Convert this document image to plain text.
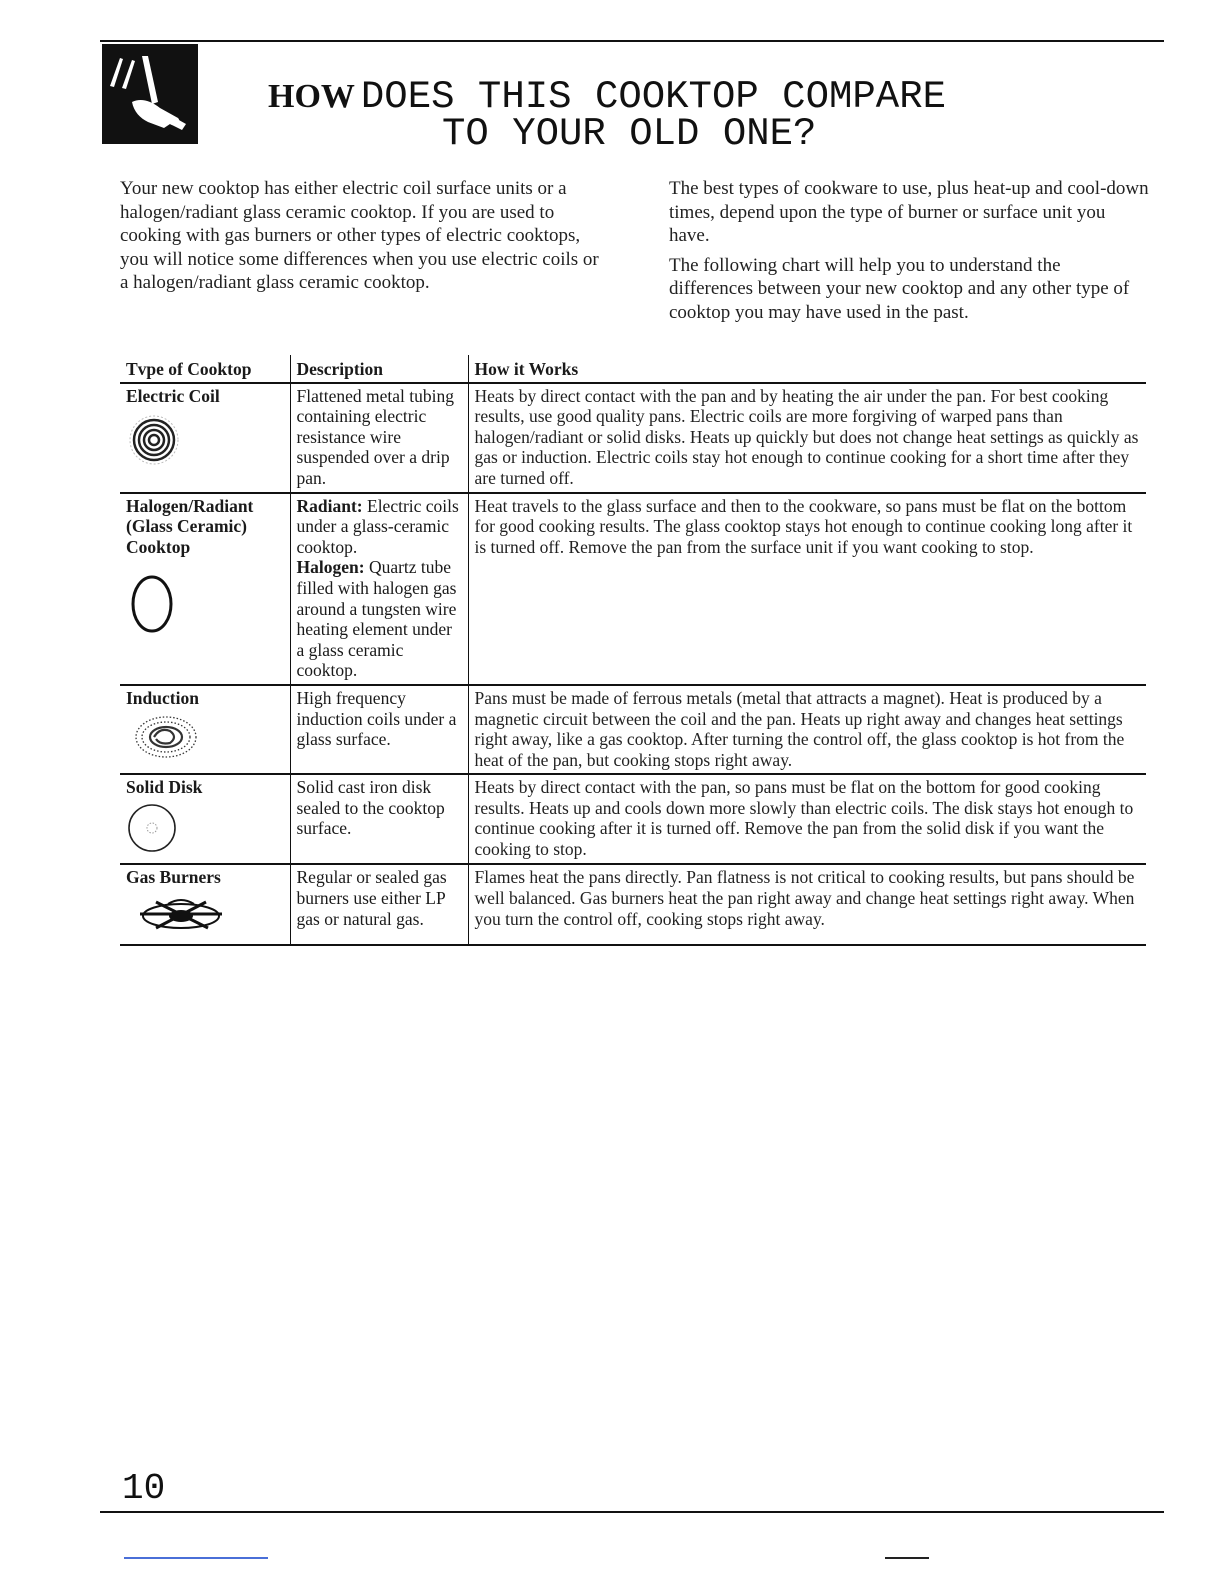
HOW DOES THIS COOKTOP COMPARE
TO YOUR OLD ONE?
Your new cooktop has either electric coil surface units or a halogen/radiant glass ceramic cooktop. If you are used to cooking with gas burners or other types of electric cooktops, you will notice some differences when you use electric coils or a halogen/radiant glass ceramic cooktop.

The best types of cookware to use, plus heat-up and cool-down times, depend upon the type of burner or surface unit you have.

The following chart will help you to understand the differences between your new cooktop and any other type of cooktop you may have used in the past.

Tvpe of Cooktop	Description	How it Works

Electric Coil	Flattened metal tubing containing electric resistance wire suspended over a drip pan.	Heats by direct contact with the pan and by heating the air under the pan. For best cooking results, use good quality pans. Electric coils are more forgiving of warped pans than halogen/radiant or solid disks. Heats up quickly but does not change heat settings as quickly as gas or induction. Electric coils stay hot enough to continue cooking for a short time after they are turned off.

Halogen/Radiant (Glass Ceramic) Cooktop	Radiant: Electric coils under a glass-ceramic cooktop.
Halogen: Quartz tube filled with halogen gas around a tungsten wire heating element under a glass ceramic cooktop.	Heat travels to the glass surface and then to the cookware, so pans must be flat on the bottom for good cooking results. The glass cooktop stays hot enough to continue cooking long after it is turned off. Remove the pan from the surface unit if you want cooking to stop.

Induction	High frequency induction coils under a glass surface.	Pans must be made of ferrous metals (metal that attracts a magnet). Heat is produced by a magnetic circuit between the coil and the pan. Heats up right away and changes heat settings right away, like a gas cooktop. After turning the control off, the glass cooktop is hot from the heat of the pan, but cooking stops right away.

Solid Disk	Solid cast iron disk sealed to the cooktop surface.	Heats by direct contact with the pan, so pans must be flat on the bottom for good cooking results. Heats up and cools down more slowly than electric coils. The disk stays hot enough to continue cooking after it is turned off. Remove the pan from the solid disk if you want the cooking to stop.

Gas Burners	Regular or sealed gas burners use either LP gas or natural gas.	Flames heat the pans directly. Pan flatness is not critical to cooking results, but pans should be well balanced. Gas burners heat the pan right away and change heat settings right away. When you turn the control off, cooking stops right away.
10
